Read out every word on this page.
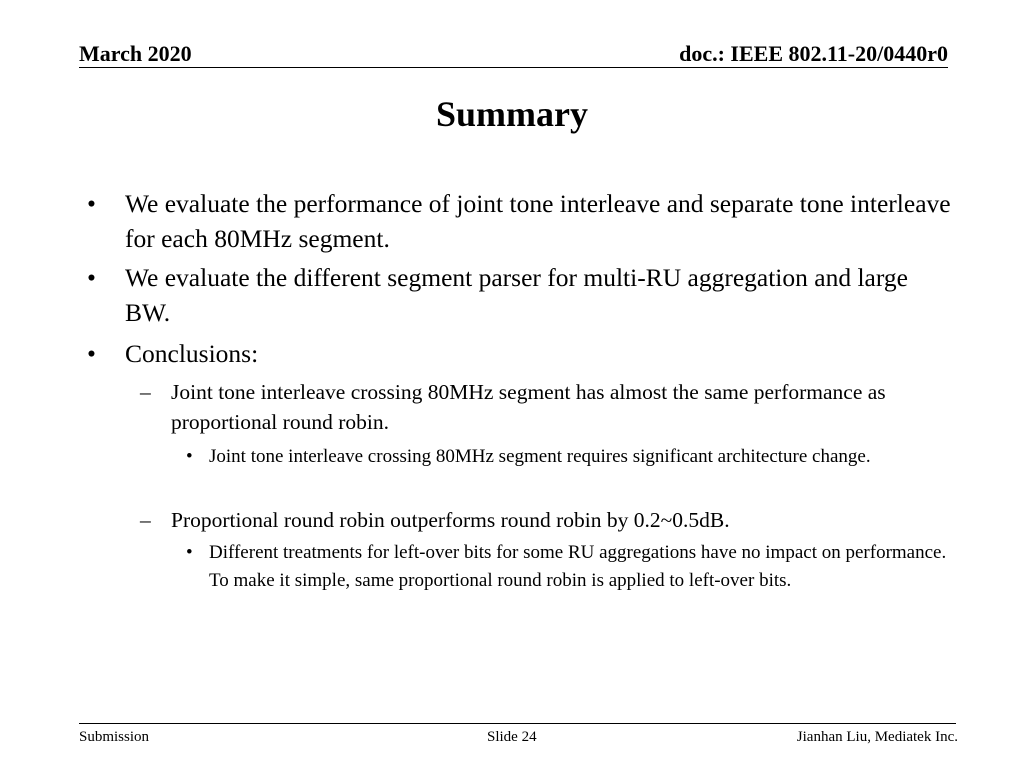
March 2020	doc.: IEEE 802.11-20/0440r0
Summary
• We evaluate the performance of joint tone interleave and separate tone interleave for each 80MHz segment.
• We evaluate the different segment parser for multi-RU aggregation and large BW.
• Conclusions:
– Joint tone interleave crossing 80MHz segment has almost the same performance as proportional round robin.
• Joint tone interleave crossing 80MHz segment requires significant architecture change.
– Proportional round robin outperforms round robin by 0.2~0.5dB.
• Different treatments for left-over bits for some RU aggregations have no impact on performance. To make it simple, same proportional round robin is applied to left-over bits.
Submission	Slide 24	Jianhan Liu, Mediatek Inc.
